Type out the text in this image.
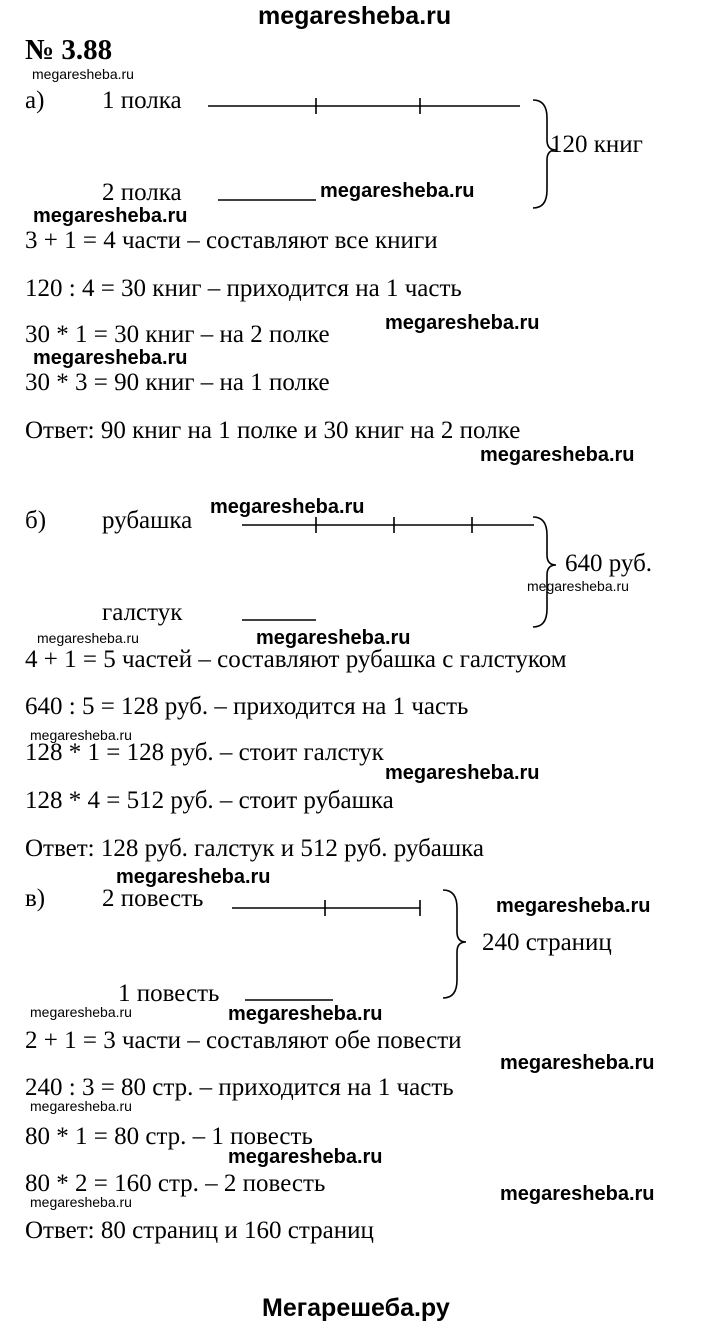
megaresheba.ru
№ 3.88
megaresheba.ru
а) 1 полка
120 книг
2 полка	megaresheba.ru
megaresheba.ru
3 + 1 = 4 части – составляют все книги
120 : 4 = 30 книг – приходится на 1 часть
megaresheba.ru
30 * 1 = 30 книг – на 2 полке
megaresheba.ru
30 * 3 = 90 книг – на 1 полке
Ответ: 90 книг на 1 полке и 30 книг на 2 полке
megaresheba.ru
megaresheba.ru
б) рубашка
640 руб.
megaresheba.ru
галстук
megaresheba.ru	megaresheba.ru
4 + 1 = 5 частей – составляют рубашка с галстуком
640 : 5 = 128 руб. – приходится на 1 часть
megaresheba.ru
128 * 1 = 128 руб. – стоит галстук
megaresheba.ru
128 * 4 = 512 руб. – стоит рубашка
Ответ: 128 руб. галстук и 512 руб. рубашка
megaresheba.ru
в) 2 повесть	megaresheba.ru
240 страниц
1 повесть
megaresheba.ru	megaresheba.ru
2 + 1 = 3 части – составляют обе повести
megaresheba.ru
240 : 3 = 80 стр. – приходится на 1 часть
megaresheba.ru
80 * 1 = 80 стр. – 1 повесть
megaresheba.ru
80 * 2 = 160 стр. – 2 повесть	megaresheba.ru
megaresheba.ru
Ответ: 80 страниц и 160 страниц
Мегарешеба.ру
